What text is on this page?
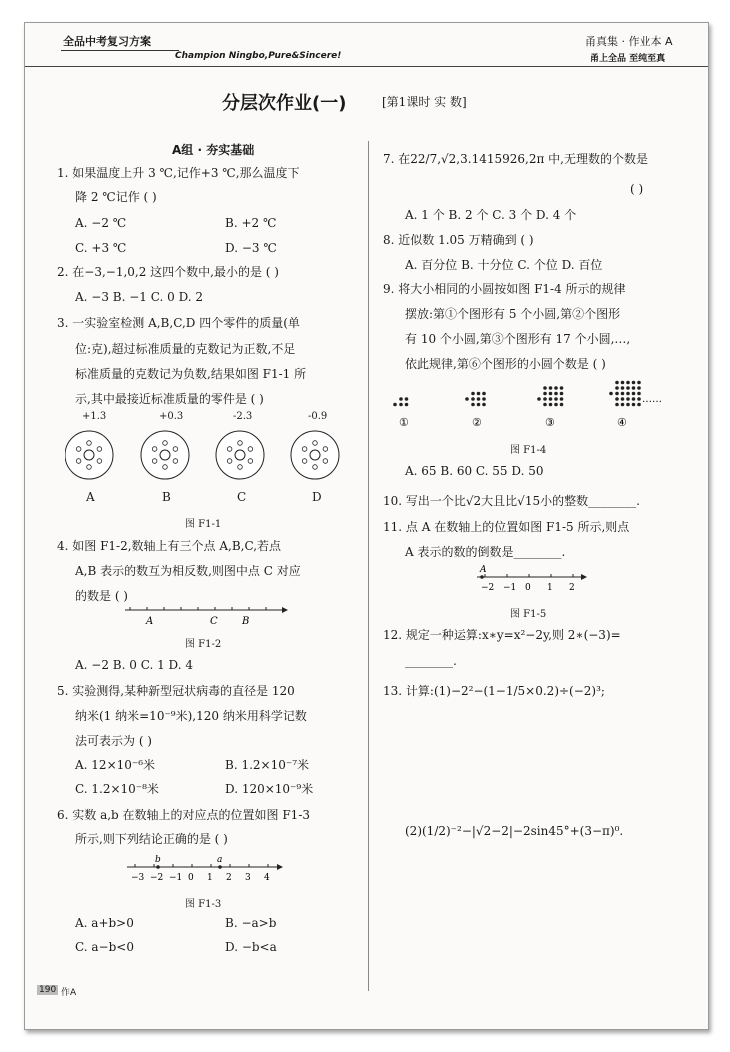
全品中考复习方案
Champion Ningbo,Pure&Sincere!
甬真集 · 作业本 A
甬上全品 至纯至真
分层次作业(一)	[第1课时 实 数]
A组 · 夯实基础
1. 如果温度上升 3 ℃,记作+3 ℃,那么温度下
降 2 ℃记作 ( )
A. −2 ℃	B. +2 ℃
C. +3 ℃	D. −3 ℃
2. 在−3,−1,0,2 这四个数中,最小的是 ( )
A. −3 B. −1 C. 0 D. 2
3. 一实验室检测 A,B,C,D 四个零件的质量(单
位:克),超过标准质量的克数记为正数,不足
标准质量的克数记为负数,结果如图 F1-1 所
示,其中最接近标准质量的零件是 ( )
+1.3	+0.3	-2.3	-0.9
A	B	C	D
图 F1-1
4. 如图 F1-2,数轴上有三个点 A,B,C,若点
A,B 表示的数互为相反数,则图中点 C 对应
的数是 ( )
A	C B
图 F1-2
A. −2 B. 0 C. 1 D. 4
5. 实验测得,某种新型冠状病毒的直径是 120
纳米(1 纳米=10⁻⁹米),120 纳米用科学记数
法可表示为 ( )
A. 12×10⁻⁶米	B. 1.2×10⁻⁷米
C. 1.2×10⁻⁸米	D. 120×10⁻⁹米
6. 实数 a,b 在数轴上的对应点的位置如图 F1-3
所示,则下列结论正确的是 ( )
−3 −2 −1 0 1 2 3 4
b	a
图 F1-3
A. a+b>0	B. −a>b
C. a−b<0	D. −b<a
7. 在22/7,√2,3.1415926,2π 中,无理数的个数是
( )
A. 1 个 B. 2 个 C. 3 个 D. 4 个
8. 近似数 1.05 万精确到 ( )
A. 百分位 B. 十分位 C. 个位 D. 百位
9. 将大小相同的小圆按如图 F1-4 所示的规律
摆放:第①个图形有 5 个小圆,第②个图形
有 10 个小圆,第③个图形有 17 个小圆,…,
依此规律,第⑥个图形的小圆个数是 ( )
……
①	②	③	④
图 F1-4
A. 65 B. 60 C. 55 D. 50
10. 写出一个比√2大且比√15小的整数________.
11. 点 A 在数轴上的位置如图 F1-5 所示,则点
A 表示的数的倒数是________.
−2 −1 0 1 2
A
图 F1-5
12. 规定一种运算:x∗y=x²−2y,则 2∗(−3)=
________.
13. 计算:(1)−2²−(1−1/5×0.2)÷(−2)³;
(2)(1/2)⁻²−|√2−2|−2sin45°+(3−π)⁰.
190 作A
